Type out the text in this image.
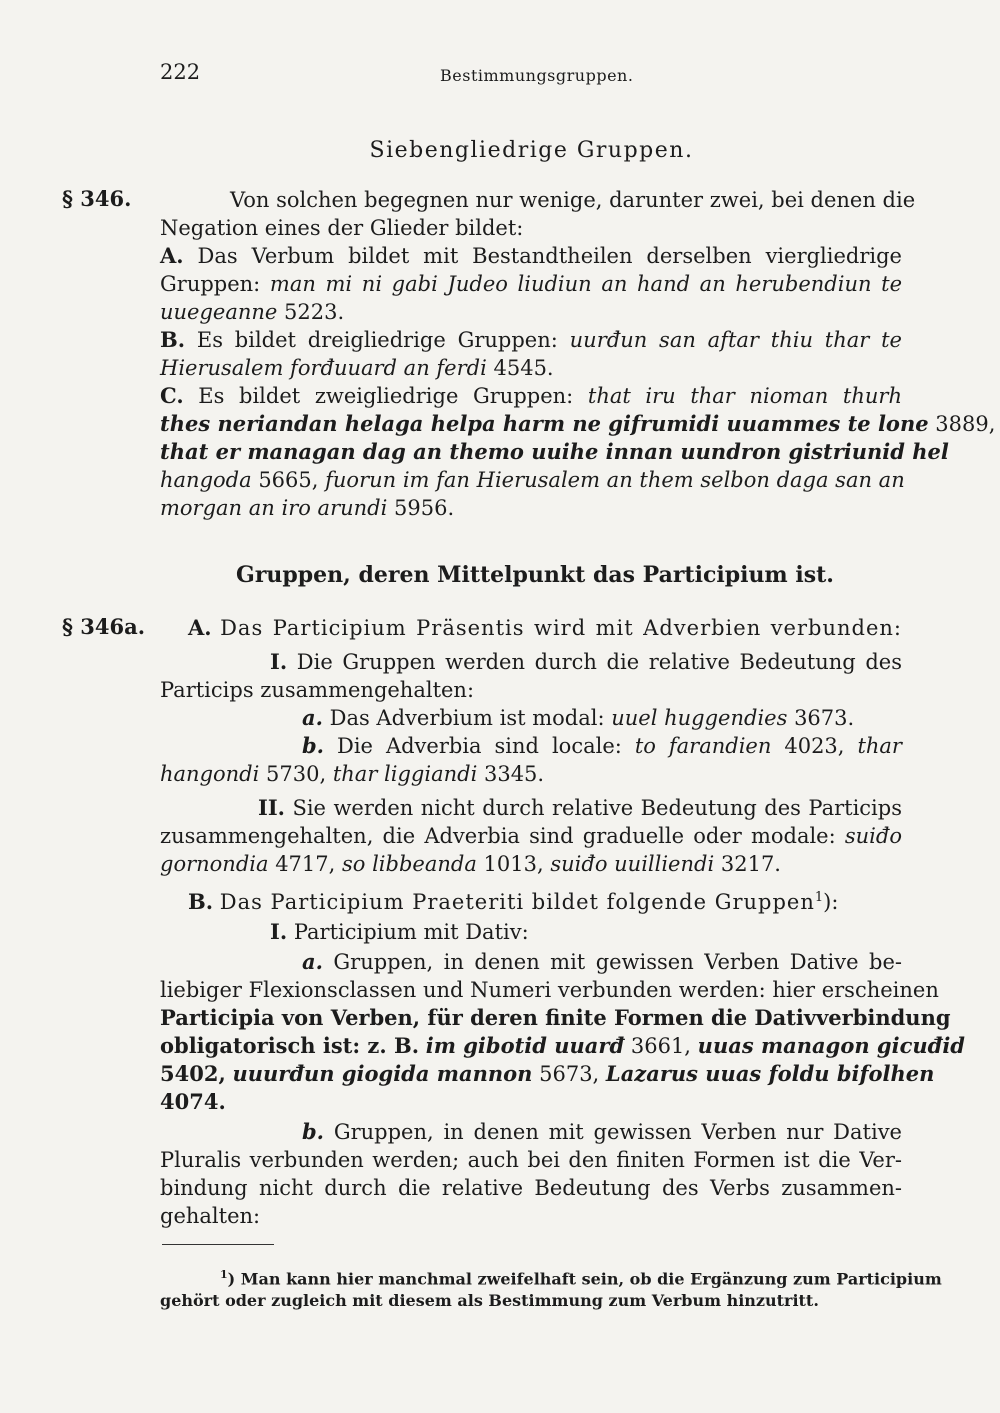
222	Bestimmungsgruppen.
Siebengliedrige Gruppen.
§ 346.	Von solchen begegnen nur wenige, darunter zwei, bei denen die
Negation eines der Glieder bildet:
A. Das Verbum bildet mit Bestandtheilen derselben viergliedrige
Gruppen: man mi ni gabi Judeo liudiun an hand an herubendiun te
uuegeanne 5223.
B. Es bildet dreigliedrige Gruppen: uurđun san aftar thiu thar te
Hierusalem forđuuard an ferdi 4545.
C. Es bildet zweigliedrige Gruppen: that iru thar nioman thurh
thes neriandan helaga helpa harm ne gifrumidi uuammes te lone 3889,
that er managan dag an themo uuihe innan uundron gistriunid hel
hangoda 5665, fuorun im fan Hierusalem an them selbon daga san an
morgan an iro arundi 5956.
Gruppen, deren Mittelpunkt das Participium ist.
§ 346a. A. Das Participium Präsentis wird mit Adverbien verbunden:
I. Die Gruppen werden durch die relative Bedeutung des
Particips zusammengehalten:
a. Das Adverbium ist modal: uuel huggendies 3673.
b. Die Adverbia sind locale: to farandien 4023, thar
hangondi 5730, thar liggiandi 3345.
II. Sie werden nicht durch relative Bedeutung des Particips
zusammengehalten, die Adverbia sind graduelle oder modale: suiđo
gornondia 4717, so libbeanda 1013, suiđo uuilliendi 3217.
B. Das Participium Praeteriti bildet folgende Gruppen$^1$):
I. Participium mit Dativ:
a. Gruppen, in denen mit gewissen Verben Dative be-
liebiger Flexionsclassen und Numeri verbunden werden: hier erscheinen
Participia von Verben, für deren finite Formen die Dativverbindung
obligatorisch ist: z. B. im gibotid uuarđ 3661, uuas managon gicuđid
5402, uuurđun giogida mannon 5673, Lazarus uuas foldu bifolhen
4074.
b. Gruppen, in denen mit gewissen Verben nur Dative
Pluralis verbunden werden; auch bei den finiten Formen ist die Ver-
bindung nicht durch die relative Bedeutung des Verbs zusammen-
gehalten:
$^1$) Man kann hier manchmal zweifelhaft sein, ob die Ergänzung zum Participium
gehört oder zugleich mit diesem als Bestimmung zum Verbum hinzutritt.
